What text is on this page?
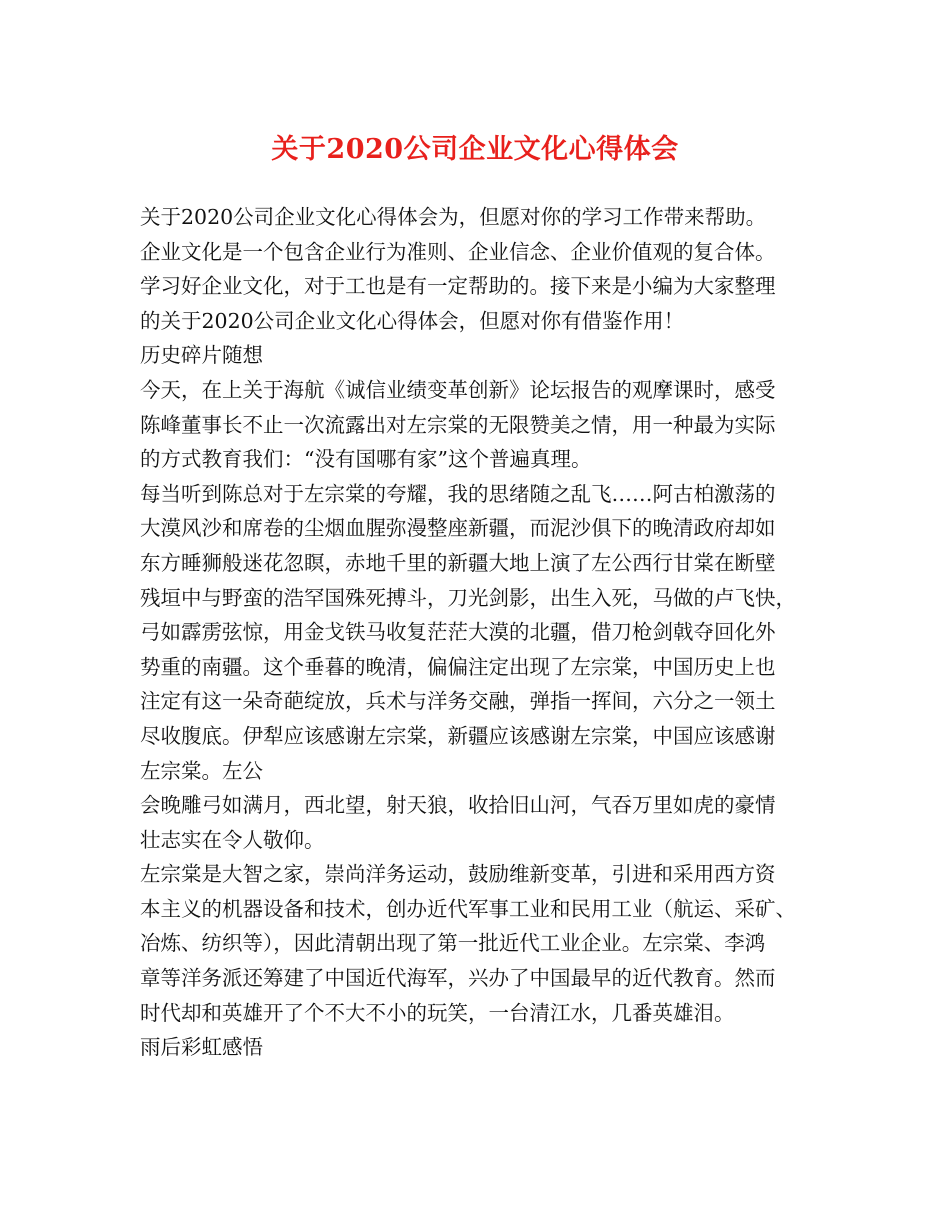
关于2020公司企业文化心得体会
关于2020公司企业文化心得体会为，但愿对你的学习工作带来帮助。
企业文化是一个包含企业行为准则、企业信念、企业价值观的复合体。
学习好企业文化，对于工也是有一定帮助的。接下来是小编为大家整理
的关于2020公司企业文化心得体会，但愿对你有借鉴作用！
历史碎片随想
今天，在上关于海航《诚信业绩变革创新》论坛报告的观摩课时，感受
陈峰董事长不止一次流露出对左宗棠的无限赞美之情，用一种最为实际
的方式教育我们：“没有国哪有家”这个普遍真理。
每当听到陈总对于左宗棠的夸耀，我的思绪随之乱飞……阿古柏激荡的
大漠风沙和席卷的尘烟血腥弥漫整座新疆，而泥沙俱下的晚清政府却如
东方睡狮般迷花忽瞑，赤地千里的新疆大地上演了左公西行甘棠在断壁
残垣中与野蛮的浩罕国殊死搏斗，刀光剑影，出生入死，马做的卢飞快，
弓如霹雳弦惊，用金戈铁马收复茫茫大漠的北疆，借刀枪剑戟夺回化外
势重的南疆。这个垂暮的晚清，偏偏注定出现了左宗棠，中国历史上也
注定有这一朵奇葩绽放，兵术与洋务交融，弹指一挥间，六分之一领土
尽收腹底。伊犁应该感谢左宗棠，新疆应该感谢左宗棠，中国应该感谢
左宗棠。左公
会晚雕弓如满月，西北望，射天狼，收拾旧山河，气吞万里如虎的豪情
壮志实在令人敬仰。
左宗棠是大智之家，崇尚洋务运动，鼓励维新变革，引进和采用西方资
本主义的机器设备和技术，创办近代军事工业和民用工业（航运、采矿、
冶炼、纺织等），因此清朝出现了第一批近代工业企业。左宗棠、李鸿
章等洋务派还筹建了中国近代海军，兴办了中国最早的近代教育。然而
时代却和英雄开了个不大不小的玩笑，一台清江水，几番英雄泪。
雨后彩虹感悟
